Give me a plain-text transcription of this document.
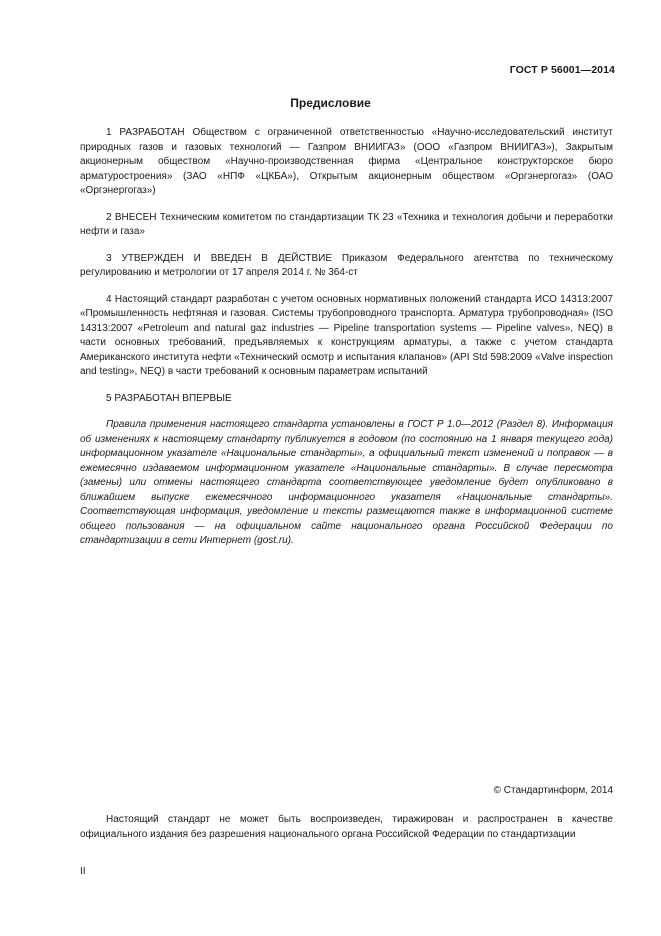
ГОСТ Р 56001—2014
Предисловие

1 РАЗРАБОТАН Обществом с ограниченной ответственностью «Научно-исследовательский институт природных газов и газовых технологий — Газпром ВНИИГАЗ» (ООО «Газпром ВНИИГАЗ»), Закрытым акционерным обществом «Научно-производственная фирма «Центральное конструкторское бюро арматуростроения» (ЗАО «НПФ «ЦКБА»), Открытым акционерным обществом «Оргэнергогаз» (ОАО «Оргэнергогаз»)

2 ВНЕСЕН Техническим комитетом по стандартизации ТК 23 «Техника и технология добычи и переработки нефти и газа»

3 УТВЕРЖДЕН И ВВЕДЕН В ДЕЙСТВИЕ Приказом Федерального агентства по техническому регулированию и метрологии от 17 апреля 2014 г. № 364-ст

4 Настоящий стандарт разработан с учетом основных нормативных положений стандарта ИСО 14313:2007 «Промышленность нефтяная и газовая. Системы трубопроводного транспорта. Арматура трубопроводная» (ISO 14313:2007 «Petroleum and natural gaz industries — Pipeline transportation systems — Pipeline valves», NEQ) в части основных требований, предъявляемых к конструкциям арматуры, а также с учетом стандарта Американского института нефти «Технический осмотр и испытания клапанов» (API Std 598:2009 «Valve inspection and testing», NEQ) в части требований к основным параметрам испытаний

5 РАЗРАБОТАН ВПЕРВЫЕ

Правила применения настоящего стандарта установлены в ГОСТ Р 1.0—2012 (Раздел 8). Информация об изменениях к настоящему стандарту публикуется в годовом (по состоянию на 1 января текущего года) информационном указателе «Национальные стандарты», а официальный текст изменений и поправок — в ежемесячно издаваемом информационном указателе «Национальные стандарты». В случае пересмотра (замены) или отмены настоящего стандарта соответствующее уведомление будет опубликовано в ближайшем выпуске ежемесячного информационного указателя «Национальные стандарты». Соответствующая информация, уведомление и тексты размещаются также в информационной системе общего пользования — на официальном сайте национального органа Российской Федерации по стандартизации в сети Интернет (gost.ru).

© Стандартинформ, 2014

Настоящий стандарт не может быть воспроизведен, тиражирован и распространен в качестве официального издания без разрешения национального органа Российской Федерации по стандартизации

II
